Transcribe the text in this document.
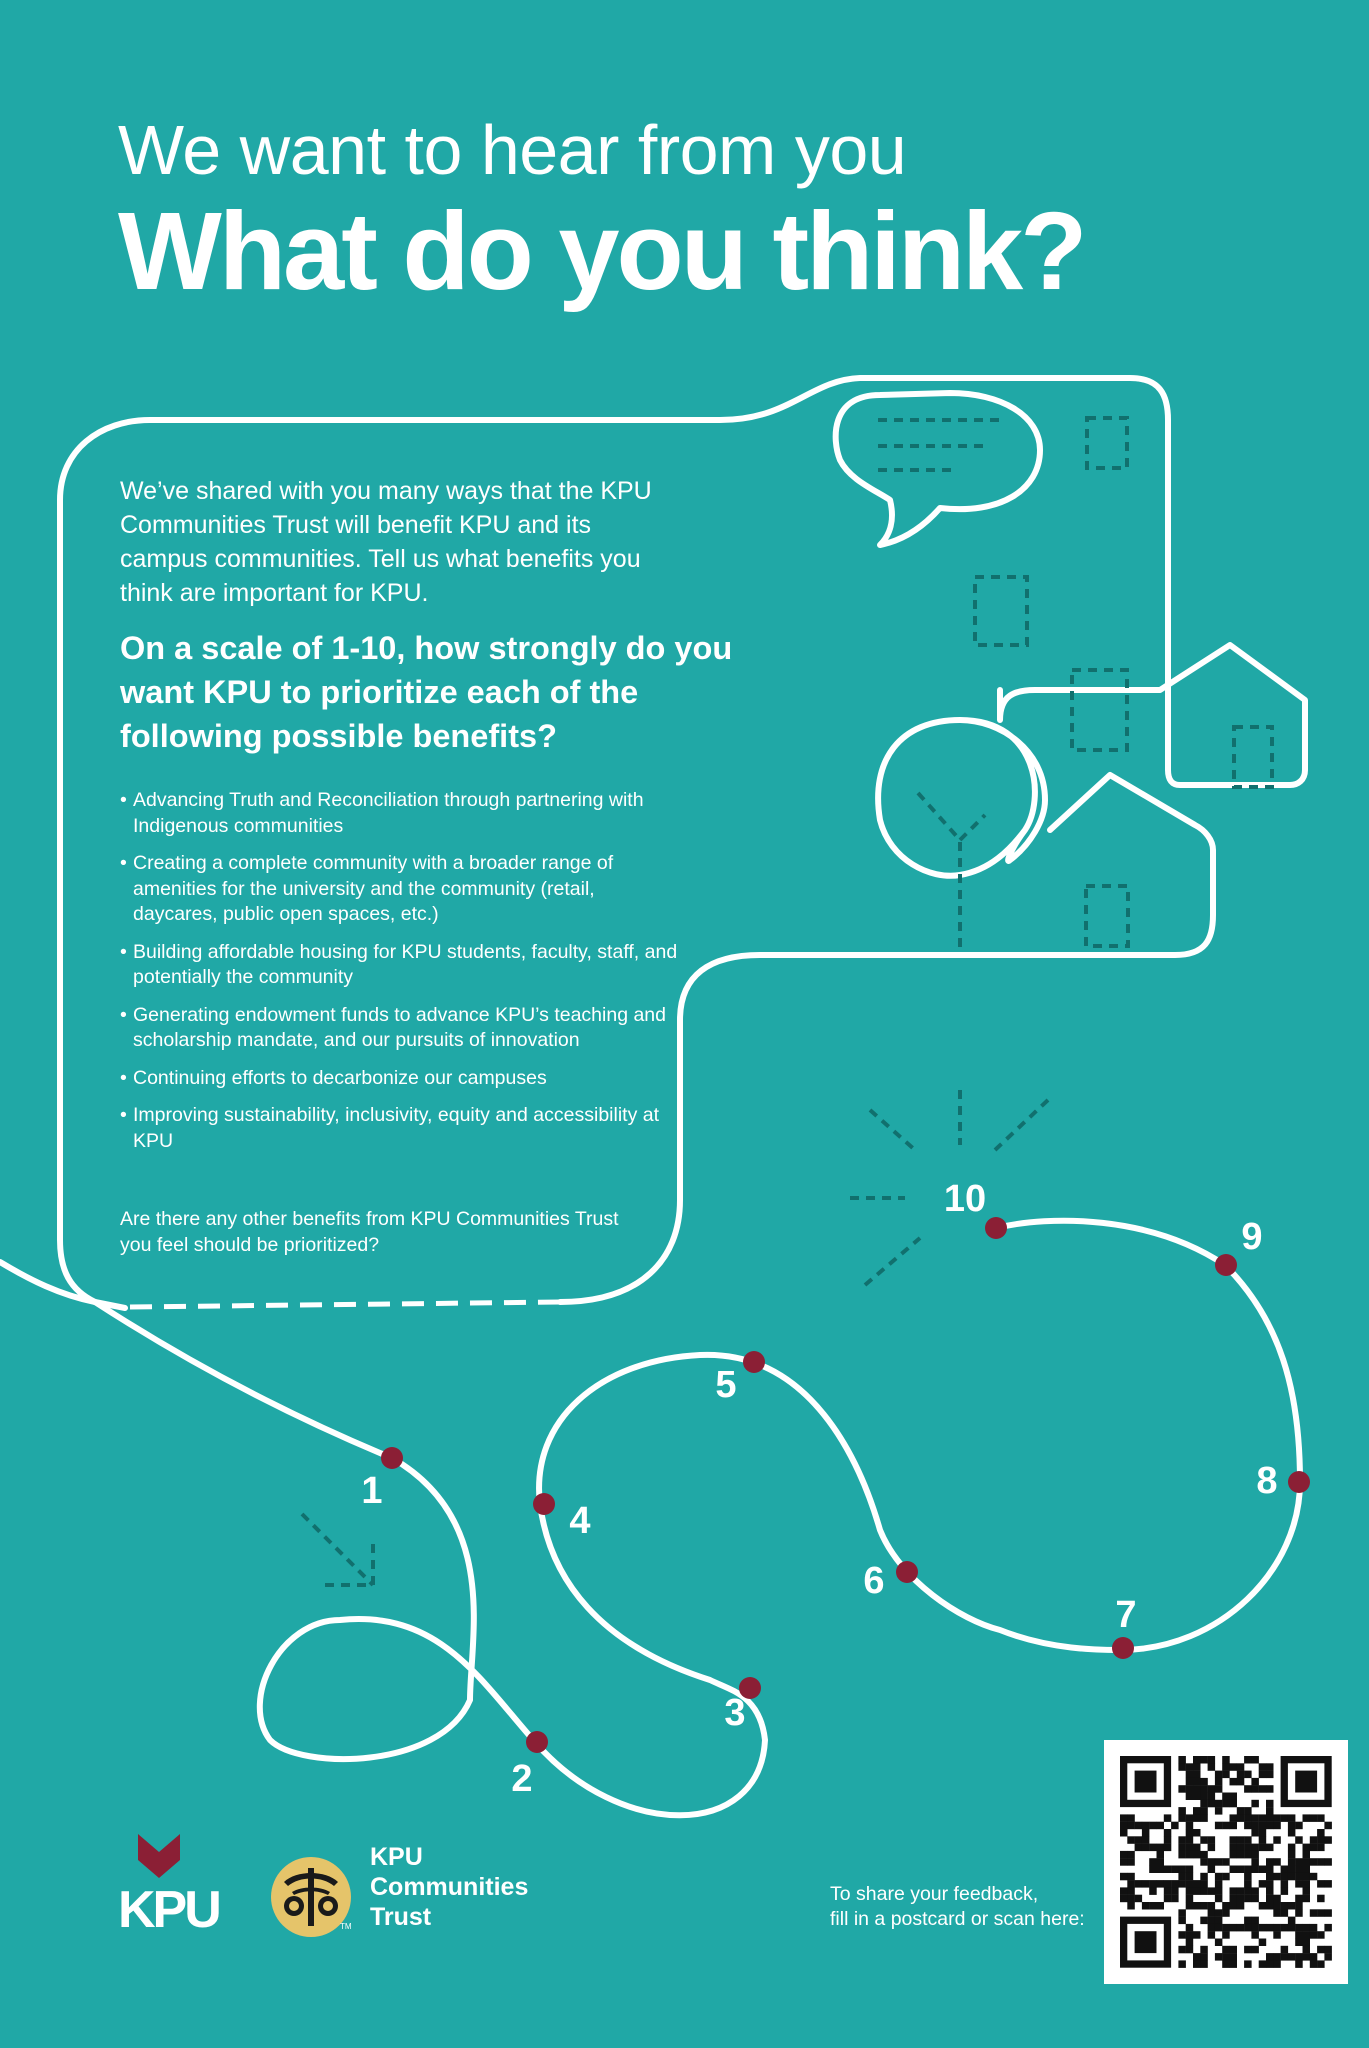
We want to hear from you
What do you think?
We’ve shared with you many ways that the KPU Communities Trust will benefit KPU and its campus communities. Tell us what benefits you think are important for KPU.
On a scale of 1-10, how strongly do you want KPU to prioritize each of the following possible benefits?
• Advancing Truth and Reconciliation through partnering with Indigenous communities
• Creating a complete community with a broader range of amenities for the university and the community (retail, daycares, public open spaces, etc.)
• Building affordable housing for KPU students, faculty, staff, and potentially the community
• Generating endowment funds to advance KPU’s teaching and scholarship mandate, and our pursuits of innovation
• Continuing efforts to decarbonize our campuses
• Improving sustainability, inclusivity, equity and accessibility at KPU
Are there any other benefits from KPU Communities Trust you feel should be prioritized?
1
2
3
4
5
6
7
8
9
10
KPU	TM
KPU
Communities
Trust
To share your feedback,
fill in a postcard or scan here:
